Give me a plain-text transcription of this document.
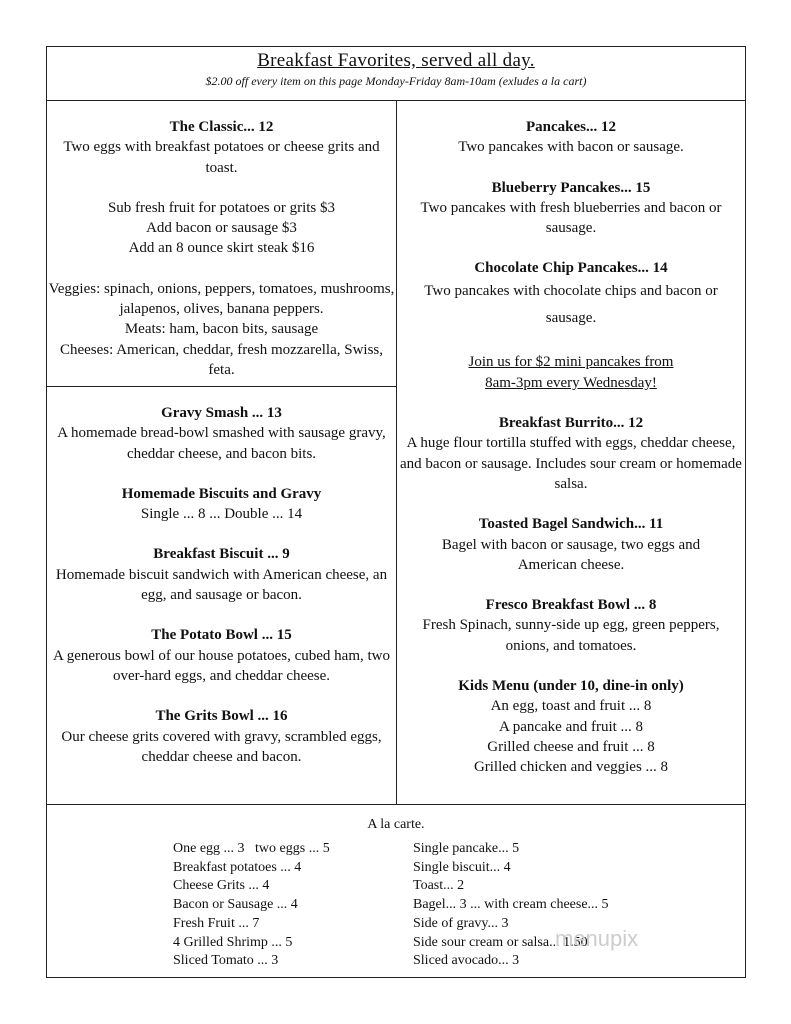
Breakfast Favorites, served all day.
$2.00 off every item on this page Monday-Friday 8am-10am (exludes a la cart)
The Classic... 12
Two eggs with breakfast potatoes or cheese grits and toast.
Sub fresh fruit for potatoes or grits $3
Add bacon or sausage $3
Add an 8 ounce skirt steak $16
Veggies: spinach, onions, peppers, tomatoes, mushrooms, jalapenos, olives, banana peppers.
Meats: ham, bacon bits, sausage
Cheeses: American, cheddar, fresh mozzarella, Swiss, feta.
Gravy Smash ... 13
A homemade bread-bowl smashed with sausage gravy, cheddar cheese, and bacon bits.
Homemade Biscuits and Gravy
Single ... 8 ... Double ... 14
Breakfast Biscuit ... 9
Homemade biscuit sandwich with American cheese, an egg, and sausage or bacon.
The Potato Bowl ... 15
A generous bowl of our house potatoes, cubed ham, two over-hard eggs, and cheddar cheese.
The Grits Bowl ... 16
Our cheese grits covered with gravy, scrambled eggs, cheddar cheese and bacon.
Pancakes... 12
Two pancakes with bacon or sausage.
Blueberry Pancakes... 15
Two pancakes with fresh blueberries and bacon or sausage.
Chocolate Chip Pancakes... 14
Two pancakes with chocolate chips and bacon or sausage.
Join us for $2 mini pancakes from 8am-3pm every Wednesday!
Breakfast Burrito... 12
A huge flour tortilla stuffed with eggs, cheddar cheese, and bacon or sausage. Includes sour cream or homemade salsa.
Toasted Bagel Sandwich... 11
Bagel with bacon or sausage, two eggs and American cheese.
Fresco Breakfast Bowl ... 8
Fresh Spinach, sunny-side up egg, green peppers, onions, and tomatoes.
Kids Menu (under 10, dine-in only)
An egg, toast and fruit ... 8
A pancake and fruit ... 8
Grilled cheese and fruit ... 8
Grilled chicken and veggies ... 8
A la carte.
One egg ... 3   two eggs ... 5
Breakfast potatoes ... 4
Cheese Grits ... 4
Bacon or Sausage ... 4
Fresh Fruit ... 7
4 Grilled Shrimp ... 5
Sliced Tomato ... 3
Single pancake... 5
Single biscuit... 4
Toast... 2
Bagel... 3 ... with cream cheese... 5
Side of gravy... 3
Side sour cream or salsa... 1.50
Sliced avocado... 3
menupix
